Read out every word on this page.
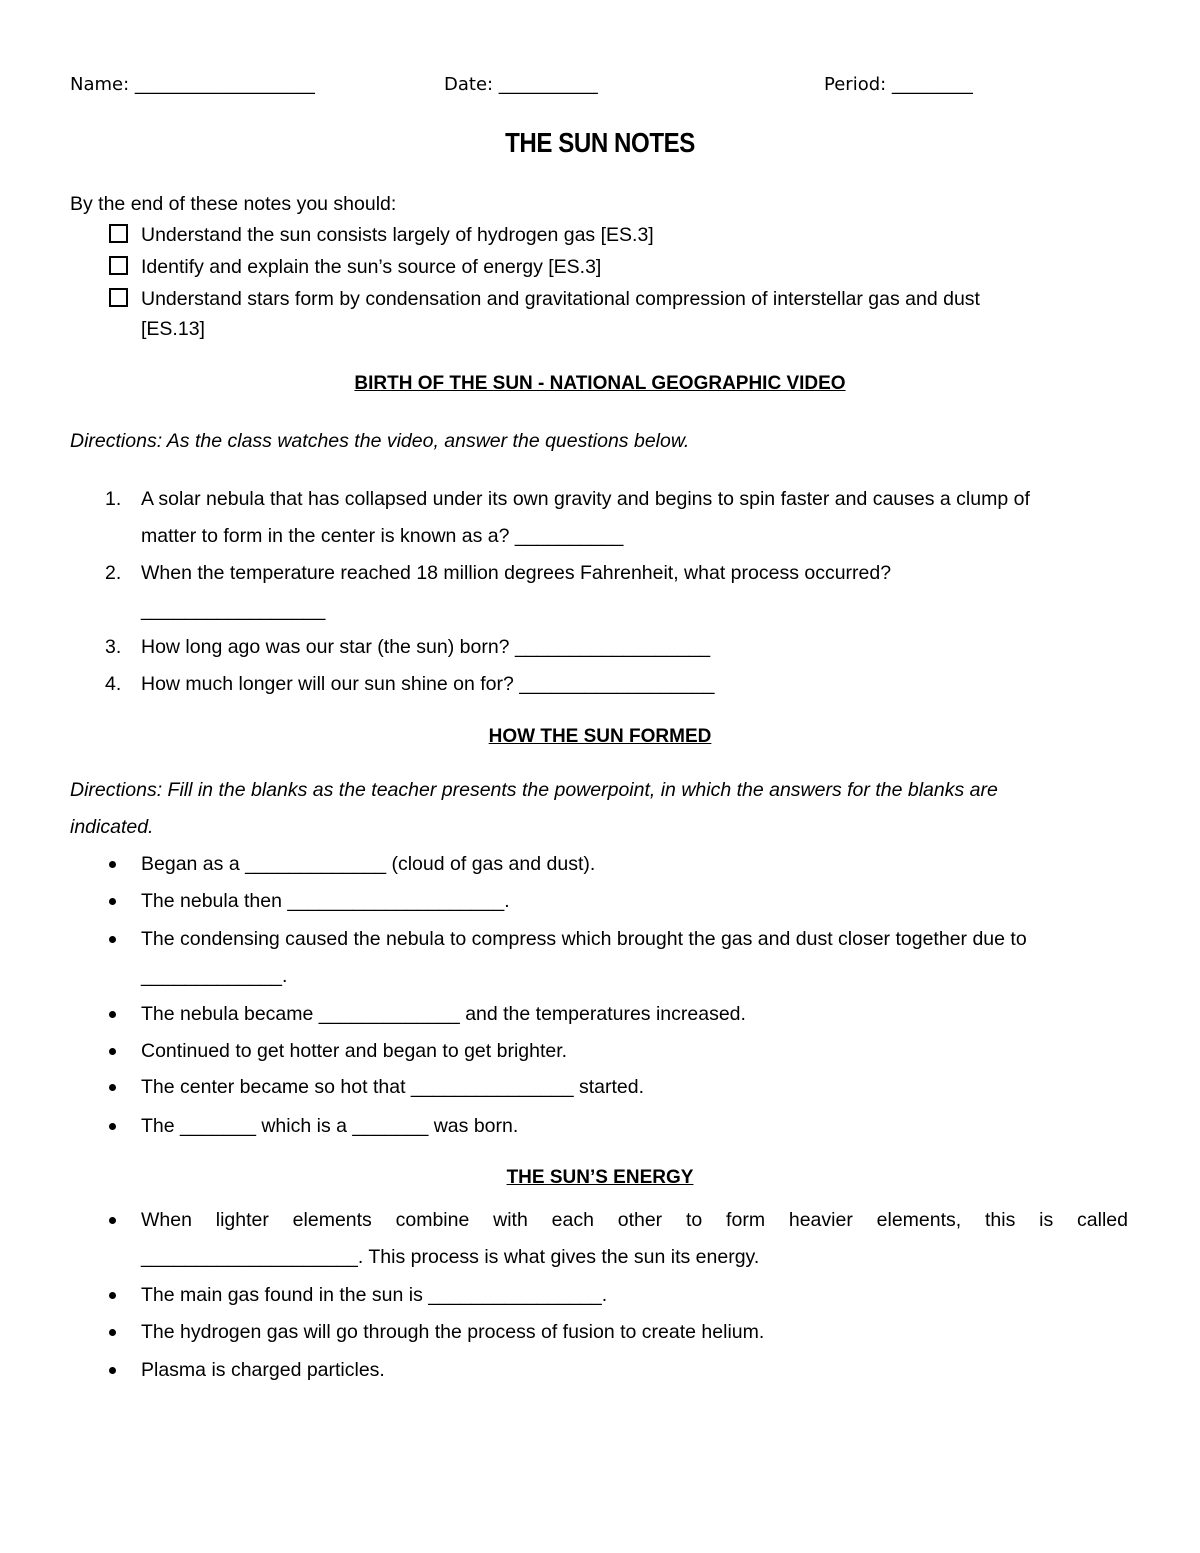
Name: ____________________	Date: ___________	Period: _________
THE SUN NOTES
By the end of these notes you should:
Understand the sun consists largely of hydrogen gas [ES.3]
Identify and explain the sun’s source of energy [ES.3]
Understand stars form by condensation and gravitational compression of interstellar gas and dust
[ES.13]
BIRTH OF THE SUN - NATIONAL GEOGRAPHIC VIDEO
Directions: As the class watches the video, answer the questions below.
1. A solar nebula that has collapsed under its own gravity and begins to spin faster and causes a clump of
matter to form in the center is known as a? __________
2. When the temperature reached 18 million degrees Fahrenheit, what process occurred?
_________________
3. How long ago was our star (the sun) born? __________________
4. How much longer will our sun shine on for? __________________
HOW THE SUN FORMED
Directions: Fill in the blanks as the teacher presents the powerpoint, in which the answers for the blanks are
indicated.
Began as a _____________ (cloud of gas and dust).
The nebula then ____________________.
The condensing caused the nebula to compress which brought the gas and dust closer together due to
_____________.
The nebula became _____________ and the temperatures increased.
Continued to get hotter and began to get brighter.
The center became so hot that _______________ started.
The _______ which is a _______ was born.
THE SUN’S ENERGY
When lighter elements combine with each other to form heavier elements, this is called
____________________. This process is what gives the sun its energy.
The main gas found in the sun is ________________.
The hydrogen gas will go through the process of fusion to create helium.
Plasma is charged particles.
